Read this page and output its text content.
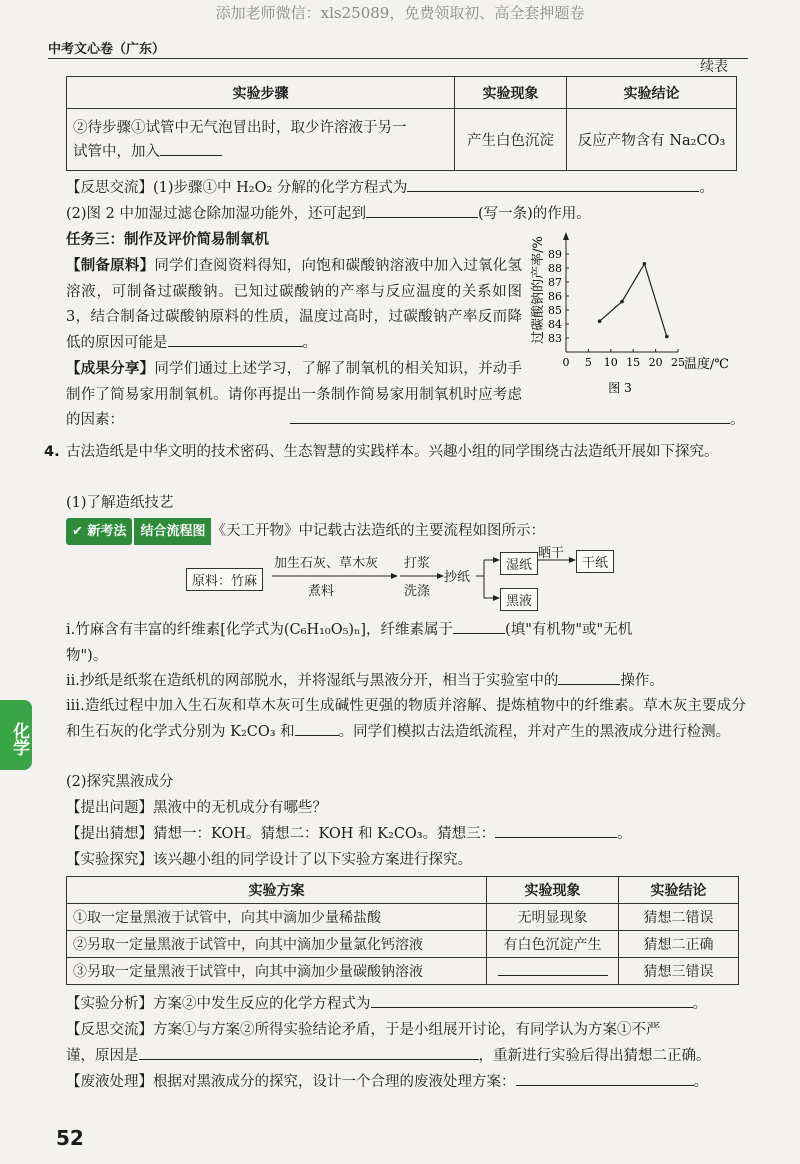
添加老师微信：xls25089，免费领取初、高全套押题卷
中考文心卷（广东）
续表
实验步骤	实验现象	实验结论
②待步骤①试管中无气泡冒出时，取少许溶液于另一
试管中，加入	产生白色沉淀	反应产物含有 Na₂CO₃
【反思交流】(1)步骤①中 H₂O₂ 分解的化学方程式为	。
(2)图 2 中加湿过滤仓除加湿功能外，还可起到	(写一条)的作用。
任务三：制作及评价简易制氧机
【制备原料】同学们查阅资料得知，向饱和碳酸钠溶液中加入过氧化氢溶液，可制备过碳酸钠。已知过碳酸钠的产率与反应温度的关系如图3，结合制备过碳酸钠原料的性质，温度过高时，过碳酸钠产率反而降低的原因可能是	。
【成果分享】同学们通过上述学习，了解了制氧机的相关知识，并动手制作了简易家用制氧机。请你再提出一条制作简易家用制氧机时应考虑的因素：	。
过碳酸钠的产率/% 83
84
85
86
87
88
89
0 5 10 15 20 25 温度/℃
图 3
4. 古法造纸是中华文明的技术密码、生态智慧的实践样本。兴趣小组的同学围绕古法造纸开展如下探究。
(1)了解造纸技艺
✔ 新考法 结合流程图 《天工开物》中记载古法造纸的主要流程如图所示：
原料：竹麻
加生石灰、草木灰
煮料
打浆
洗涤
抄纸
湿纸
晒干
干纸
黑液
ⅰ.竹麻含有丰富的纤维素[化学式为(C₆H₁₀O₅)ₙ]，纤维素属于	(填"有机物"或"无机
物")。
ⅱ.抄纸是纸浆在造纸机的网部脱水，并将湿纸与黑液分开，相当于实验室中的	操作。
ⅲ.造纸过程中加入生石灰和草木灰可生成碱性更强的物质并溶解、提炼植物中的纤维素。草木灰主要成分和生石灰的化学式分别为 K₂CO₃ 和	。同学们模拟古法造纸流程，并对产生的黑液成分进行检测。
(2)探究黑液成分
【提出问题】黑液中的无机成分有哪些？
【提出猜想】猜想一：KOH。猜想二：KOH 和 K₂CO₃。猜想三：	。
【实验探究】该兴趣小组的同学设计了以下实验方案进行探究。
实验方案	实验现象	实验结论
①取一定量黑液于试管中，向其中滴加少量稀盐酸	无明显现象	猜想二错误
②另取一定量黑液于试管中，向其中滴加少量氯化钙溶液	有白色沉淀产生	猜想二正确
③另取一定量黑液于试管中，向其中滴加少量碳酸钠溶液		猜想三错误
【实验分析】方案②中发生反应的化学方程式为	。
【反思交流】方案①与方案②所得实验结论矛盾，于是小组展开讨论，有同学认为方案①不严
谨，原因是	，重新进行实验后得出猜想二正确。
【废液处理】根据对黑液成分的探究，设计一个合理的废液处理方案：	。
化学
52
